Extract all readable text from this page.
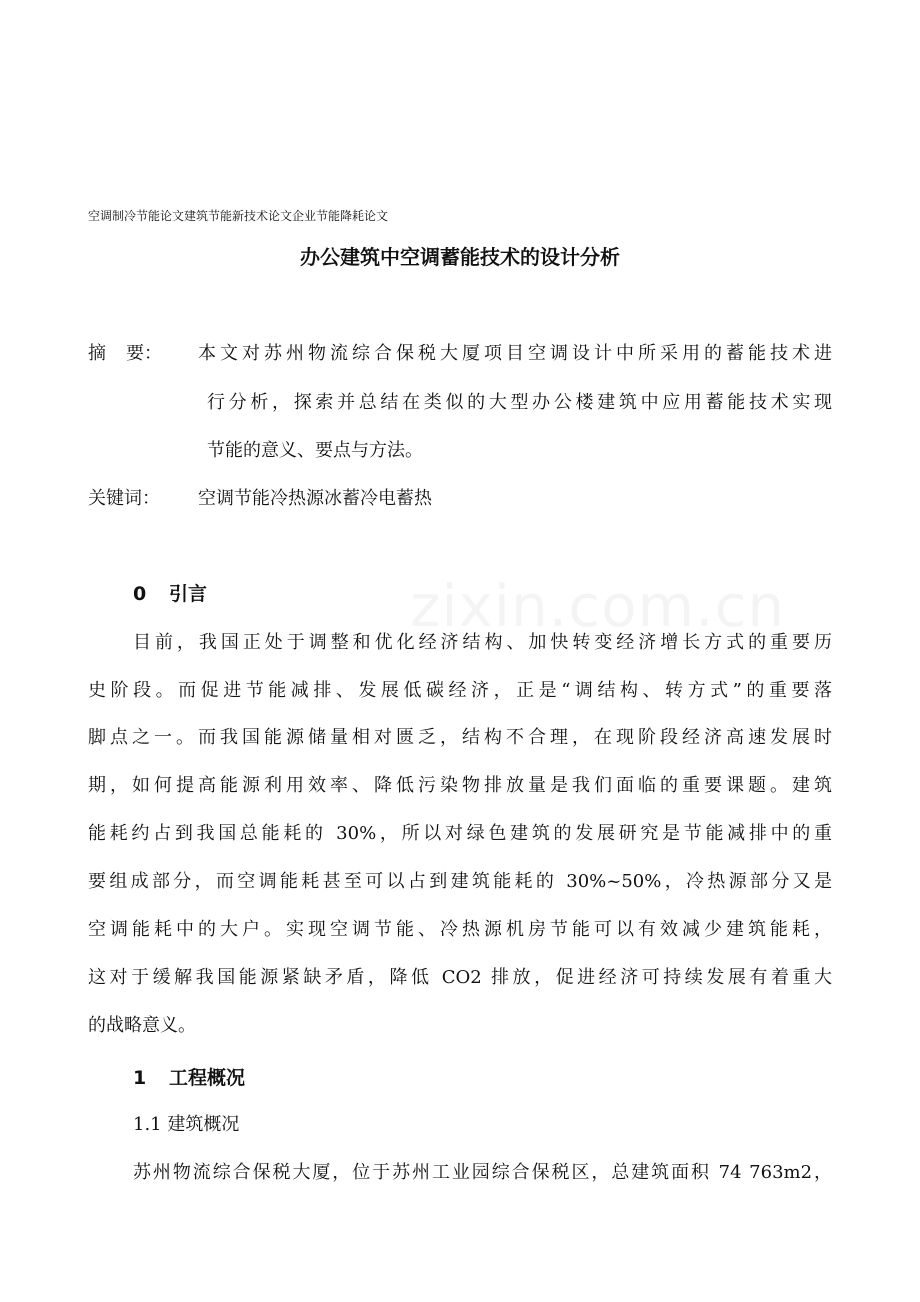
空调制冷节能论文建筑节能新技术论文企业节能降耗论文
办公建筑中空调蓄能技术的设计分析
摘 要： 本文对苏州物流综合保税大厦项目空调设计中所采用的蓄能技术进
行分析，探索并总结在类似的大型办公楼建筑中应用蓄能技术实现
节能的意义、要点与方法。
关键词： 空调节能冷热源冰蓄冷电蓄热
0 引言
目前，我国正处于调整和优化经济结构、加快转变经济增长方式的重要历
史阶段。而促进节能减排、发展低碳经济，正是“调结构、转方式”的重要落
脚点之一。而我国能源储量相对匮乏，结构不合理，在现阶段经济高速发展时
期，如何提高能源利用效率、降低污染物排放量是我们面临的重要课题。建筑
能耗约占到我国总能耗的 30%，所以对绿色建筑的发展研究是节能减排中的重
要组成部分，而空调能耗甚至可以占到建筑能耗的 30%~50%，冷热源部分又是
空调能耗中的大户。实现空调节能、冷热源机房节能可以有效减少建筑能耗，
这对于缓解我国能源紧缺矛盾，降低 CO2 排放，促进经济可持续发展有着重大
的战略意义。
1 工程概况
1.1 建筑概况
苏州物流综合保税大厦，位于苏州工业园综合保税区，总建筑面积 74 763m2，
